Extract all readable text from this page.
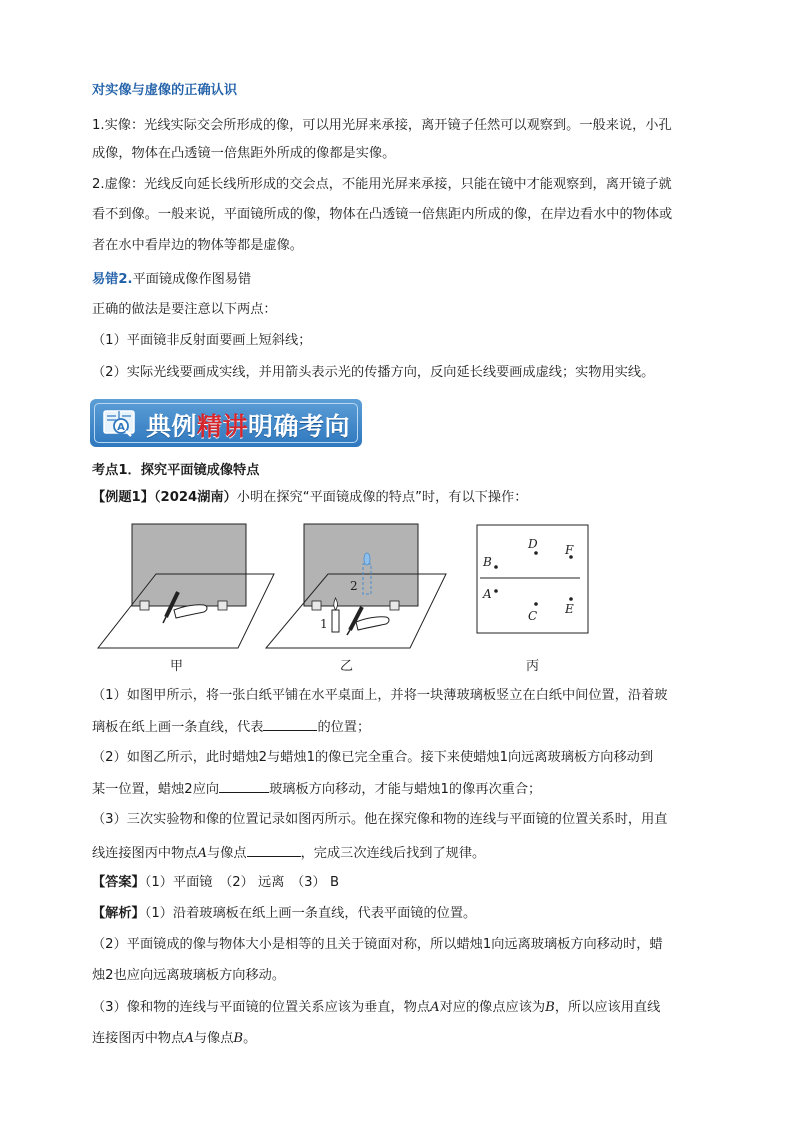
对实像与虚像的正确认识
1.实像：光线实际交会所形成的像，可以用光屏来承接，离开镜子任然可以观察到。一般来说，小孔
成像，物体在凸透镜一倍焦距外所成的像都是实像。
2.虚像：光线反向延长线所形成的交会点，不能用光屏来承接，只能在镜中才能观察到，离开镜子就
看不到像。一般来说，平面镜所成的像，物体在凸透镜一倍焦距内所成的像，在岸边看水中的物体或
者在水中看岸边的物体等都是虚像。
易错2.平面镜成像作图易错
正确的做法是要注意以下两点：
（1）平面镜非反射面要画上短斜线；
（2）实际光线要画成实线，并用箭头表示光的传播方向，反向延长线要画成虚线；实物用实线。
A 典例精讲明确考向
考点1．探究平面镜成像特点
【例题1】（2024湖南）小明在探究“平面镜成像的特点”时，有以下操作：
甲
2
1
乙
B
D F
A
C E
丙
（1）如图甲所示，将一张白纸平铺在水平桌面上，并将一块薄玻璃板竖立在白纸中间位置，沿着玻
璃板在纸上画一条直线，代表	的位置；
（2）如图乙所示，此时蜡烛2与蜡烛1的像已完全重合。接下来使蜡烛1向远离玻璃板方向移动到
某一位置，蜡烛2应向	玻璃板方向移动，才能与蜡烛1的像再次重合；
（3）三次实验物和像的位置记录如图丙所示。他在探究像和物的连线与平面镜的位置关系时，用直
线连接图丙中物点A与像点	，完成三次连线后找到了规律。
【答案】（1）平面镜　（2） 远离　（3） B
【解析】（1）沿着玻璃板在纸上画一条直线，代表平面镜的位置。
（2）平面镜成的像与物体大小是相等的且关于镜面对称，所以蜡烛1向远离玻璃板方向移动时，蜡
烛2也应向远离玻璃板方向移动。
（3）像和物的连线与平面镜的位置关系应该为垂直，物点A对应的像点应该为B，所以应该用直线
连接图丙中物点A与像点B。
